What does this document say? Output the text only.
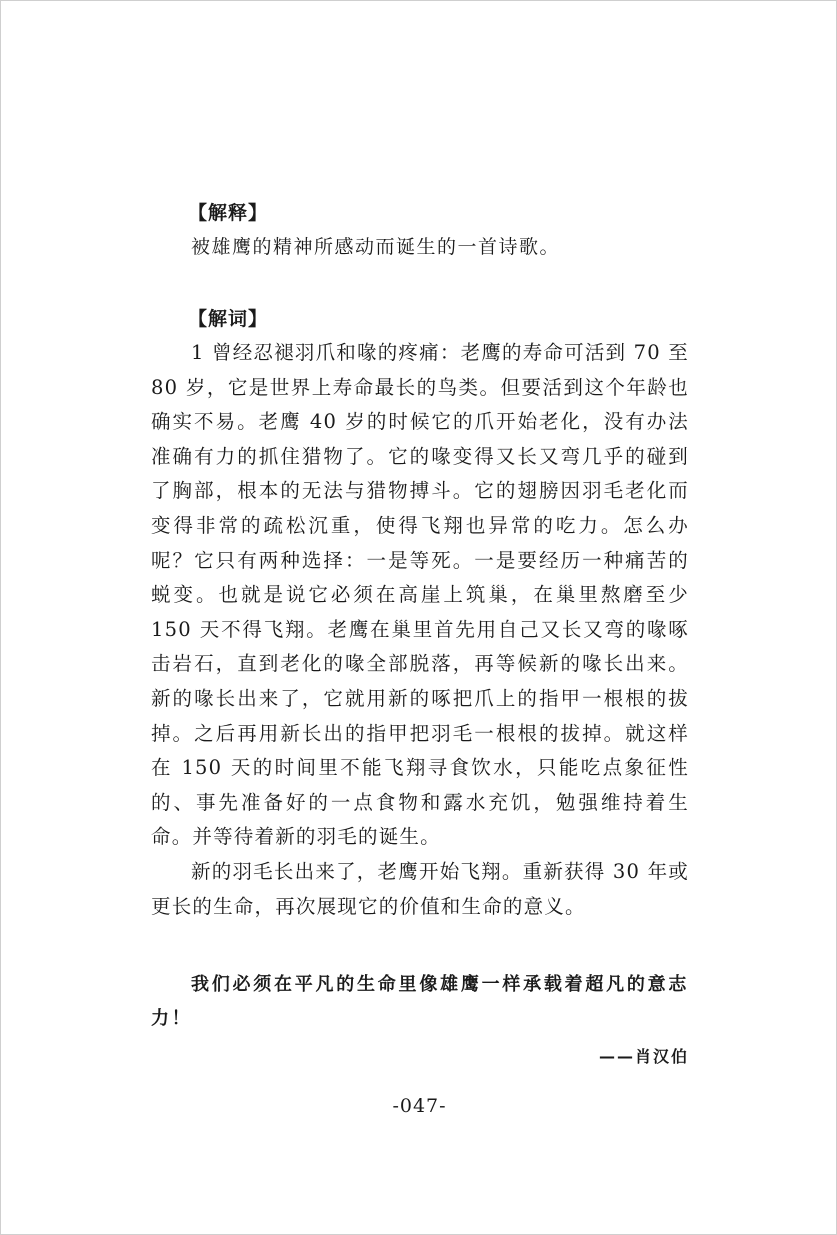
【解释】

被雄鹰的精神所感动而诞生的一首诗歌。

【解词】

1 曾经忍褪羽爪和喙的疼痛：老鹰的寿命可活到 70 至 80 岁，它是世界上寿命最长的鸟类。但要活到这个年龄也确实不易。老鹰 40 岁的时候它的爪开始老化，没有办法准确有力的抓住猎物了。它的喙变得又长又弯几乎的碰到了胸部，根本的无法与猎物搏斗。它的翅膀因羽毛老化而变得非常的疏松沉重，使得飞翔也异常的吃力。怎么办呢？它只有两种选择：一是等死。一是要经历一种痛苦的蜕变。也就是说它必须在高崖上筑巢，在巢里熬磨至少 150 天不得飞翔。老鹰在巢里首先用自己又长又弯的喙啄击岩石，直到老化的喙全部脱落，再等候新的喙长出来。新的喙长出来了，它就用新的啄把爪上的指甲一根根的拔掉。之后再用新长出的指甲把羽毛一根根的拔掉。就这样在 150 天的时间里不能飞翔寻食饮水，只能吃点象征性的、事先准备好的一点食物和露水充饥，勉强维持着生命。并等待着新的羽毛的诞生。

新的羽毛长出来了，老鹰开始飞翔。重新获得 30 年或更长的生命，再次展现它的价值和生命的意义。

我们必须在平凡的生命里像雄鹰一样承载着超凡的意志力！

——肖汉伯
-047-
